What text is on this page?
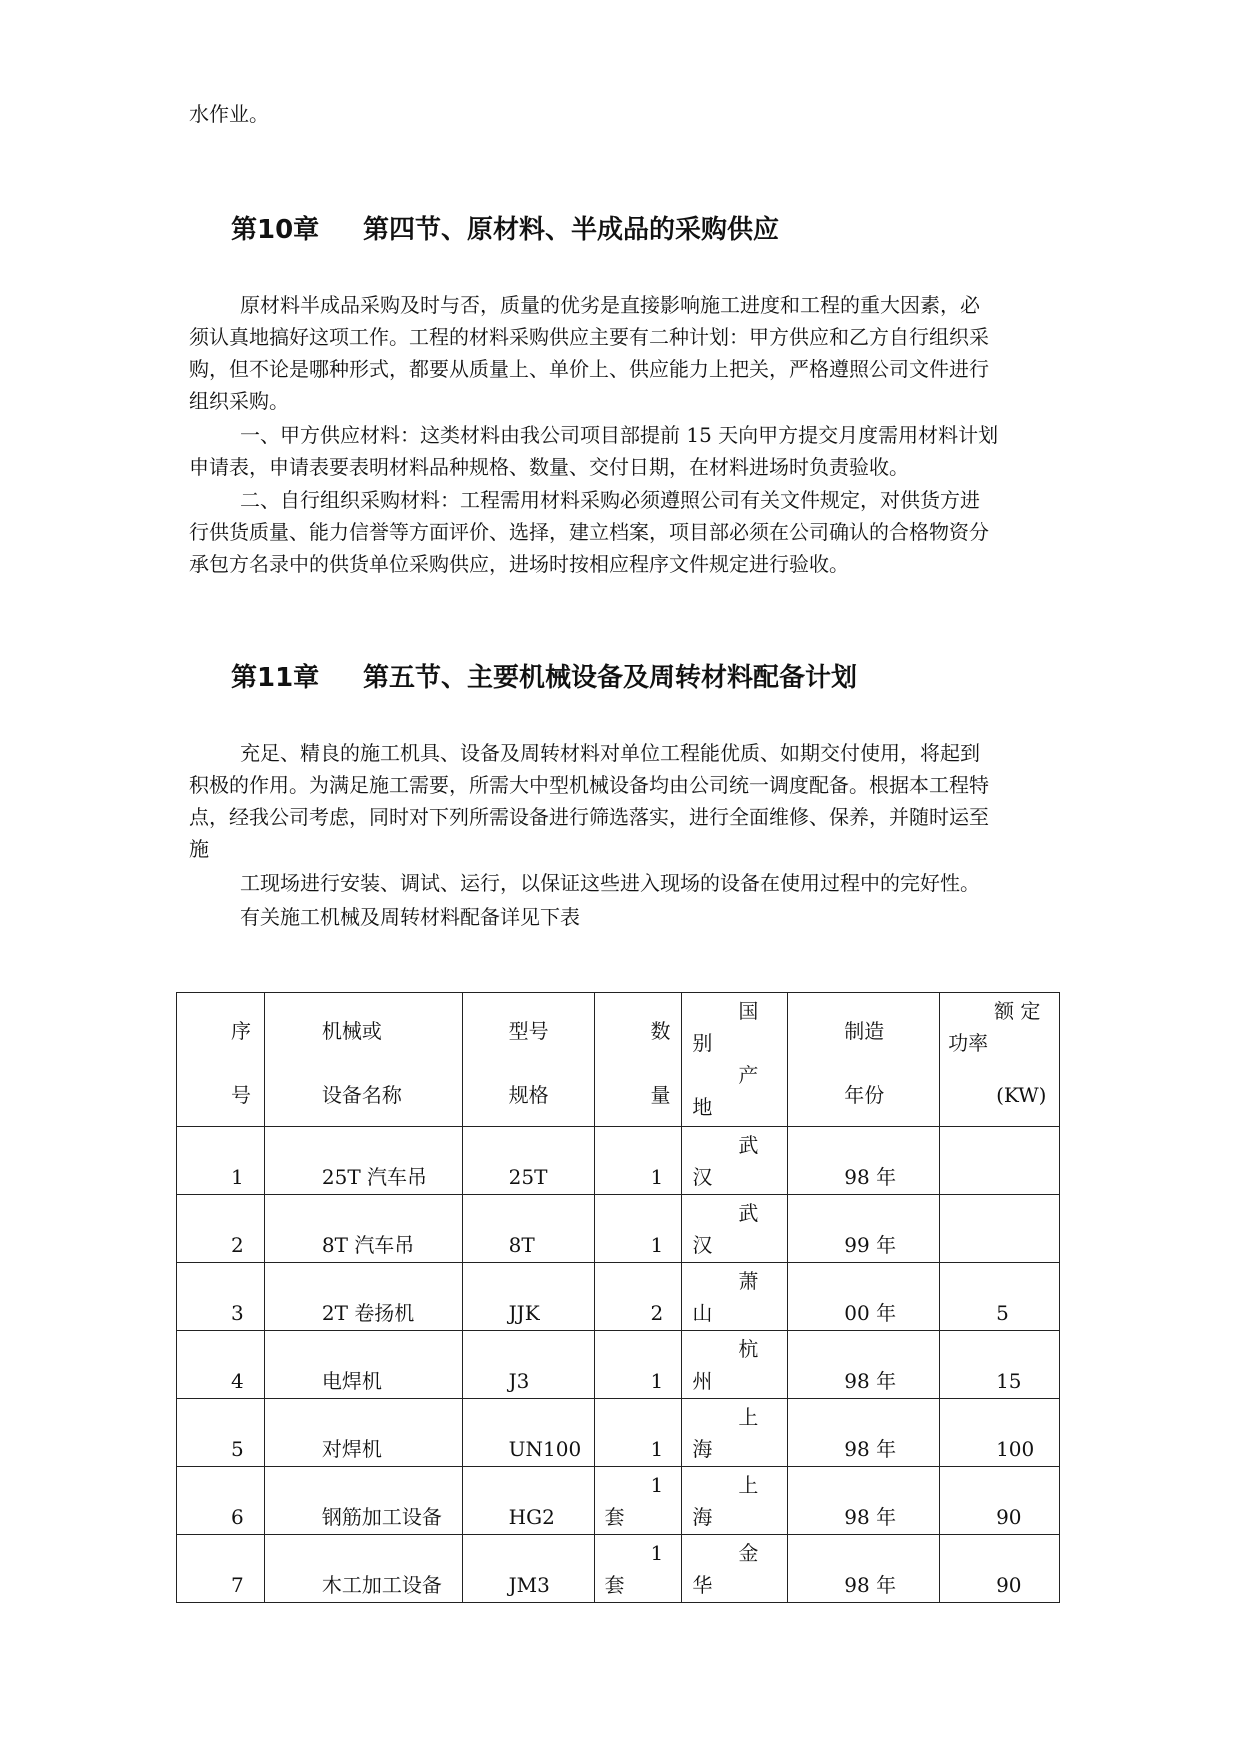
水作业。
第10章 第四节、原材料、半成品的采购供应
原材料半成品采购及时与否，质量的优劣是直接影响施工进度和工程的重大因素，必
须认真地搞好这项工作。工程的材料采购供应主要有二种计划：甲方供应和乙方自行组织采
购，但不论是哪种形式，都要从质量上、单价上、供应能力上把关，严格遵照公司文件进行
组织采购。
一、甲方供应材料：这类材料由我公司项目部提前 15 天向甲方提交月度需用材料计划
申请表，申请表要表明材料品种规格、数量、交付日期，在材料进场时负责验收。
二、自行组织采购材料：工程需用材料采购必须遵照公司有关文件规定，对供货方进
行供货质量、能力信誉等方面评价、选择，建立档案，项目部必须在公司确认的合格物资分
承包方名录中的供货单位采购供应，进场时按相应程序文件规定进行验收。
第11章 第五节、主要机械设备及周转材料配备计划
充足、精良的施工机具、设备及周转材料对单位工程能优质、如期交付使用，将起到
积极的作用。为满足施工需要，所需大中型机械设备均由公司统一调度配备。根据本工程特
点，经我公司考虑，同时对下列所需设备进行筛选落实，进行全面维修、保养，并随时运至
施
工现场进行安装、调试、运行，以保证这些进入现场的设备在使用过程中的完好性。
有关施工机械及周转材料配备详见下表
序
号	机械或
设备名称	型号
规格	数
量	国
别
产
地	制造
年份	额 定
功率
(KW)

1	25T 汽车吊	25T	1	武
汉	98 年	

2	8T 汽车吊	8T	1	武
汉	99 年	

3	2T 卷扬机	JJK	2	萧
山	00 年	5

4	电焊机	J3	1	杭
州	98 年	15

5	对焊机	UN100	1	上
海	98 年	100

6	钢筋加工设备	HG2	1
套	上
海	98 年	90

7	木工加工设备	JM3	1
套	金
华	98 年	90
